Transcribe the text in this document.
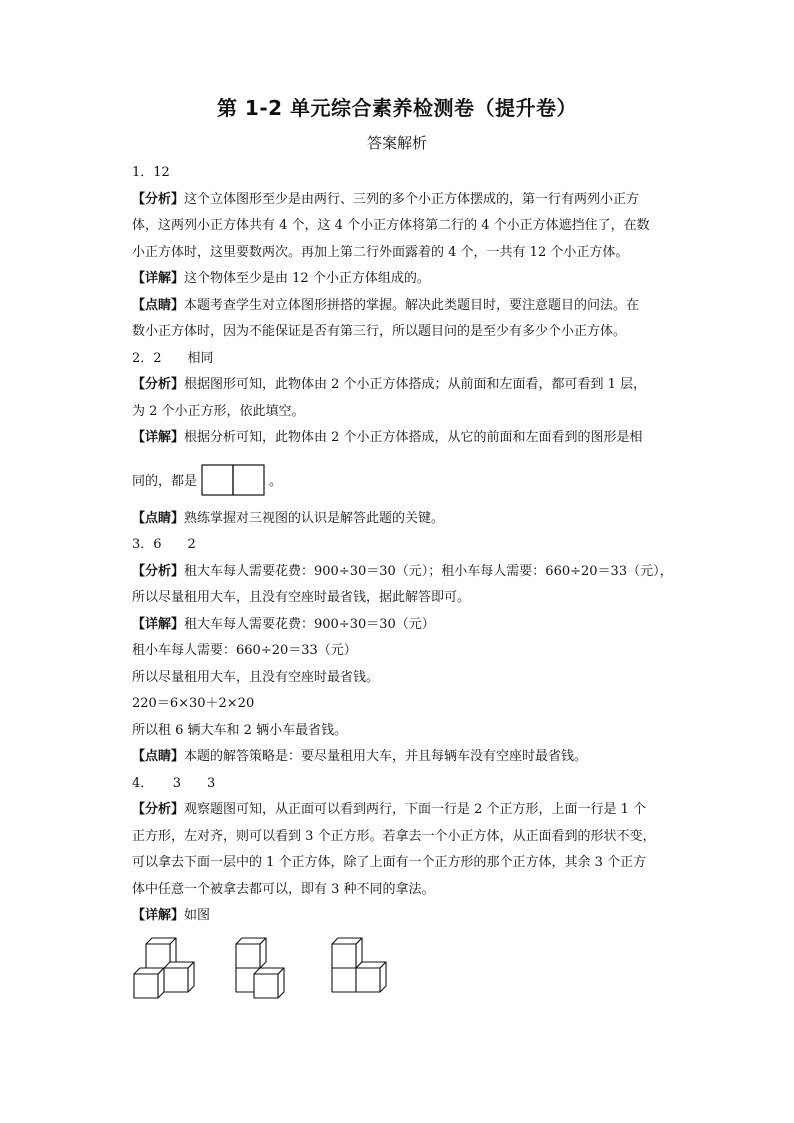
第 1-2 单元综合素养检测卷（提升卷）
答案解析
1．12
【分析】这个立体图形至少是由两行、三列的多个小正方体摆成的，第一行有两列小正方
体，这两列小正方体共有 4 个，这 4 个小正方体将第二行的 4 个小正方体遮挡住了，在数
小正方体时，这里要数两次。再加上第二行外面露着的 4 个，一共有 12 个小正方体。
【详解】这个物体至少是由 12 个小正方体组成的。
【点睛】本题考查学生对立体图形拼搭的掌握。解决此类题目时，要注意题目的问法。在
数小正方体时，因为不能保证是否有第三行，所以题目问的是至少有多少个小正方体。
2．2　　相同
【分析】根据图形可知，此物体由 2 个小正方体搭成；从前面和左面看，都可看到 1 层，
为 2 个小正方形，依此填空。
【详解】根据分析可知，此物体由 2 个小正方体搭成，从它的前面和左面看到的图形是相
同的，都是	。
【点睛】熟练掌握对三视图的认识是解答此题的关键。
3．6　　2
【分析】租大车每人需要花费：900÷30＝30（元）；租小车每人需要：660÷20＝33（元），
所以尽量租用大车，且没有空座时最省钱，据此解答即可。
【详解】租大车每人需要花费：900÷30＝30（元）
租小车每人需要：660÷20＝33（元）
所以尽量租用大车，且没有空座时最省钱。
220＝6×30＋2×20
所以租 6 辆大车和 2 辆小车最省钱。
【点睛】本题的解答策略是：要尽量租用大车，并且每辆车没有空座时最省钱。
4．　　3　　3
【分析】观察题图可知，从正面可以看到两行，下面一行是 2 个正方形，上面一行是 1 个
正方形，左对齐，则可以看到 3 个正方形。若拿去一个小正方体，从正面看到的形状不变，
可以拿去下面一层中的 1 个正方体，除了上面有一个正方形的那个正方体，其余 3 个正方
体中任意一个被拿去都可以，即有 3 种不同的拿法。
【详解】如图
